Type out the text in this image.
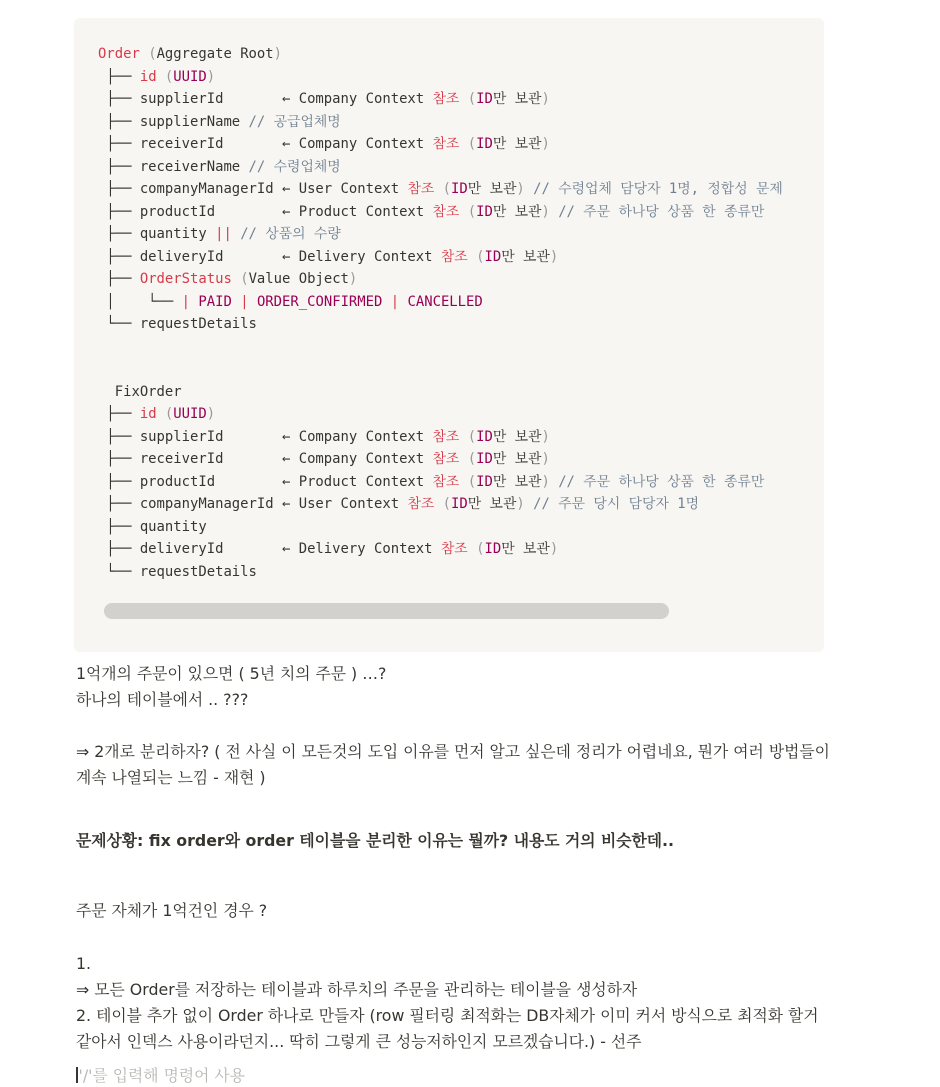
Order (Aggregate Root)
├── id (UUID)
├── supplierId       ← Company Context 참조 (ID만 보관)
├── supplierName // 공급업체명
├── receiverId       ← Company Context 참조 (ID만 보관)
├── receiverName // 수령업체명
├── companyManagerId ← User Context 참조 (ID만 보관) // 수령업체 담당자 1명, 정합성 문제
├── productId        ← Product Context 참조 (ID만 보관) // 주문 하나당 상품 한 종류만
├── quantity || // 상품의 수량
├── deliveryId       ← Delivery Context 참조 (ID만 보관)
├── OrderStatus (Value Object)
│    └── | PAID | ORDER_CONFIRMED | CANCELLED
└── requestDetails
FixOrder
├── id (UUID)
├── supplierId       ← Company Context 참조 (ID만 보관)
├── receiverId       ← Company Context 참조 (ID만 보관)
├── productId        ← Product Context 참조 (ID만 보관) // 주문 하나당 상품 한 종류만
├── companyManagerId ← User Context 참조 (ID만 보관) // 주문 당시 담당자 1명
├── quantity
├── deliveryId       ← Delivery Context 참조 (ID만 보관)
└── requestDetails
1억개의 주문이 있으면 ( 5년 치의 주문 ) …?
하나의 테이블에서 .. ???
⇒ 2개로 분리하자? ( 전 사실 이 모든것의 도입 이유를 먼저 알고 싶은데 정리가 어렵네요, 뭔가 여러 방법들이 계속 나열되는 느낌 - 재현 )
문제상황: fix order와 order 테이블을 분리한 이유는 뭘까? 내용도 거의 비슷한데..
주문 자체가 1억건인 경우 ?
1.
⇒ 모든 Order를 저장하는 테이블과 하루치의 주문을 관리하는 테이블을 생성하자
2. 테이블 추가 없이 Order 하나로 만들자 (row 필터링 최적화는 DB자체가 이미 커서 방식으로 최적화 할거 같아서 인덱스 사용이라던지... 딱히 그렇게 큰 성능저하인지 모르겠습니다.) - 선주
'/'를 입력해 명령어 사용
